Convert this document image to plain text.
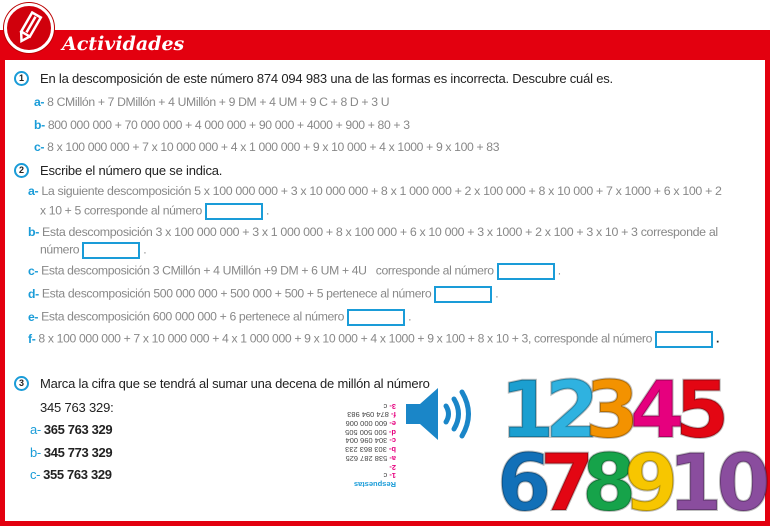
Actividades
1	En la descomposición de este número 874 094 983 una de las formas es incorrecta. Descubre cuál es.
a- 8 CMillón + 7 DMillón + 4 UMillón + 9 DM + 4 UM + 9 C + 8 D + 3 U
b- 800 000 000 + 70 000 000 + 4 000 000 + 90 000 + 4000 + 900 + 80 + 3
c- 8 x 100 000 000 + 7 x 10 000 000 + 4 x 1 000 000 + 9 x 10 000 + 4 x 1000 + 9 x 100 + 83
2	Escribe el número que se indica.
a- La siguiente descomposición 5 x 100 000 000 + 3 x 10 000 000 + 8 x 1 000 000 + 2 x 100 000 + 8 x 10 000 + 7 x 1000 + 6 x 100 + 2
x 10 + 5 corresponde al número	.
b- Esta descomposición 3 x 100 000 000 + 3 x 1 000 000 + 8 x 100 000 + 6 x 10 000 + 3 x 1000 + 2 x 100 + 3 x 10 + 3 corresponde al
número	.
c- Esta descomposición 3 CMillón + 4 UMillón +9 DM + 6 UM + 4U   corresponde al número	.
d- Esta descomposición 500 000 000 + 500 000 + 500 + 5 pertenece al número	.
e- Esta descomposición 600 000 000 + 6 pertenece al número	.
f- 8 x 100 000 000 + 7 x 10 000 000 + 4 x 1 000 000 + 9 x 10 000 + 4 x 1000 + 9 x 100 + 8 x 10 + 3, corresponde al número	.
3	Marca la cifra que se tendrá al sumar una decena de millón al número
345 763 329:
a- 365 763 329
b- 345 773 329
c- 355 763 329
Respuestas
1- c
2-
a- 538 287 625
b- 303 863 233
c- 304 096 004
d- 500 500 505
e- 600 000 006
f- 874 094 983
3- c 1
2
3
4
5
6
7
8
9
10
